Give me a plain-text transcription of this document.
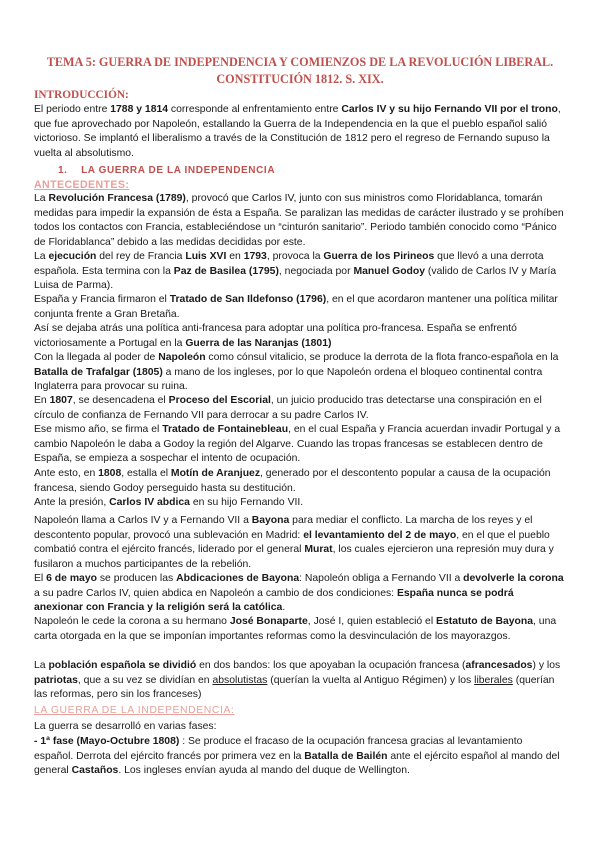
TEMA 5: GUERRA DE INDEPENDENCIA Y COMIENZOS DE LA REVOLUCIÓN LIBERAL.
CONSTITUCIÓN 1812. S. XIX.
INTRODUCCIÓN:

El periodo entre 1788 y 1814 corresponde al enfrentamiento entre Carlos IV y su hijo Fernando VII por el trono, que fue aprovechado por Napoleón, estallando la Guerra de la Independencia en la que el pueblo español salió victorioso. Se implantó el liberalismo a través de la Constitución de 1812 pero el regreso de Fernando supuso la vuelta al absolutismo.

1. LA GUERRA DE LA INDEPENDENCIA
ANTECEDENTES:

La Revolución Francesa (1789), provocó que Carlos IV, junto con sus ministros como Floridablanca, tomarán medidas para impedir la expansión de ésta a España. Se paralizan las medidas de carácter ilustrado y se prohíben todos los contactos con Francia, estableciéndose un “cinturón sanitario”. Periodo también conocido como “Pánico de Floridablanca” debido a las medidas decididas por este.

La ejecución del rey de Francia Luis XVI en 1793, provoca la Guerra de los Pirineos que llevó a una derrota española. Esta termina con la Paz de Basilea (1795), negociada por Manuel Godoy (valido de Carlos IV y María Luisa de Parma).

España y Francia firmaron el Tratado de San Ildefonso (1796), en el que acordaron mantener una política militar conjunta frente a Gran Bretaña.

Así se dejaba atrás una política anti-francesa para adoptar una política pro-francesa. España se enfrentó victoriosamente a Portugal en la Guerra de las Naranjas (1801)

Con la llegada al poder de Napoleón como cónsul vitalicio, se produce la derrota de la flota franco-española en la Batalla de Trafalgar (1805) a mano de los ingleses, por lo que Napoleón ordena el bloqueo continental contra Inglaterra para provocar su ruina.

En 1807, se desencadena el Proceso del Escorial, un juicio producido tras detectarse una conspiración en el círculo de confianza de Fernando VII para derrocar a su padre Carlos IV.

Ese mismo año, se firma el Tratado de Fontainebleau, en el cual España y Francia acuerdan invadir Portugal y a cambio Napoleón le daba a Godoy la región del Algarve. Cuando las tropas francesas se establecen dentro de España, se empieza a sospechar el intento de ocupación.

Ante esto, en 1808, estalla el Motín de Aranjuez, generado por el descontento popular a causa de la ocupación francesa, siendo Godoy perseguido hasta su destitución.

Ante la presión, Carlos IV abdica en su hijo Fernando VII.

Napoleón llama a Carlos IV y a Fernando VII a Bayona para mediar el conflicto. La marcha de los reyes y el descontento popular, provocó una sublevación en Madrid: el levantamiento del 2 de mayo, en el que el pueblo combatió contra el ejército francés, liderado por el general Murat, los cuales ejercieron una represión muy dura y fusilaron a muchos participantes de la rebelión.

El 6 de mayo se producen las Abdicaciones de Bayona: Napoleón obliga a Fernando VII a devolverle la corona a su padre Carlos IV, quien abdica en Napoleón a cambio de dos condiciones: España nunca se podrá anexionar con Francia y la religión será la católica.

Napoleón le cede la corona a su hermano José Bonaparte, José I, quien estableció el Estatuto de Bayona, una carta otorgada en la que se imponían importantes reformas como la desvinculación de los mayorazgos.

La población española se dividió en dos bandos: los que apoyaban la ocupación francesa (afrancesados) y los patriotas, que a su vez se dividían en absolutistas (querían la vuelta al Antiguo Régimen) y los liberales (querían las reformas, pero sin los franceses)

LA GUERRA DE LA INDEPENDENCIA:

La guerra se desarrolló en varias fases:

- 1ª fase (Mayo-Octubre 1808) : Se produce el fracaso de la ocupación francesa gracias al levantamiento español. Derrota del ejército francés por primera vez en la Batalla de Bailén ante el ejército español al mando del general Castaños. Los ingleses envían ayuda al mando del duque de Wellington.
